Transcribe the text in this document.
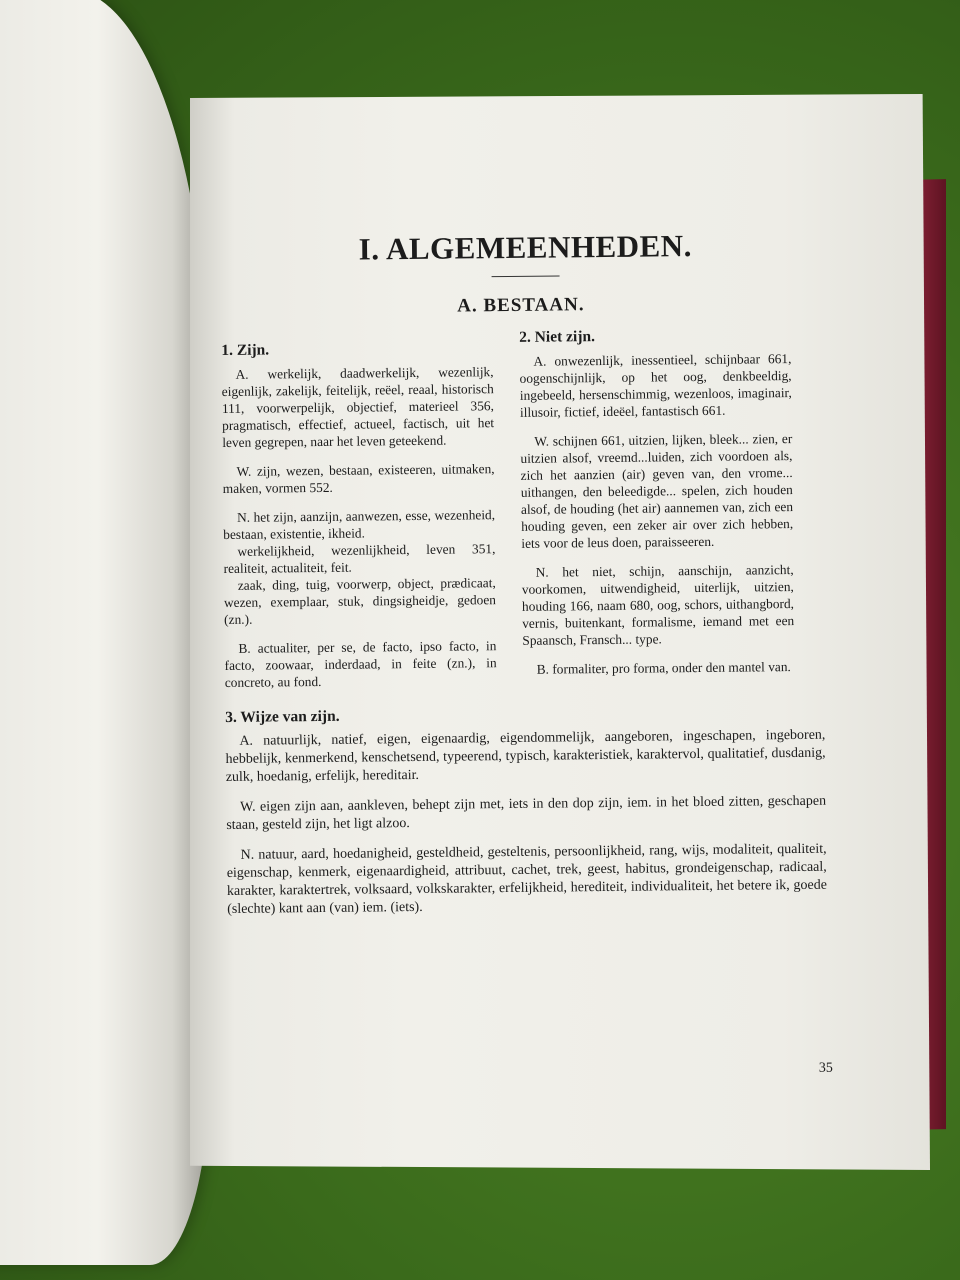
I. ALGEMEENHEDEN.
A. BESTAAN.
1. Zijn.

A. werkelijk, daadwerkelijk, wezenlijk, eigenlijk, zakelijk, feitelijk, reëel, reaal, historisch 111, voorwerpelijk, objectief, materieel 356, pragmatisch, effectief, actueel, factisch, uit het leven gegrepen, naar het leven geteekend.

W. zijn, wezen, bestaan, existeeren, uitmaken, maken, vormen 552.

N. het zijn, aanzijn, aanwezen, esse, wezenheid, bestaan, existentie, ikheid.

werkelijkheid, wezenlijkheid, leven 351, realiteit, actualiteit, feit.

zaak, ding, tuig, voorwerp, object, prædicaat, wezen, exemplaar, stuk, dingsigheidje, gedoen (zn.).

B. actualiter, per se, de facto, ipso facto, in facto, zoowaar, inderdaad, in feite (zn.), in concreto, au fond.

2. Niet zijn.

A. onwezenlijk, inessentieel, schijnbaar 661, oogenschijnlijk, op het oog, denkbeeldig, ingebeeld, hersenschimmig, wezenloos, imaginair, illusoir, fictief, ideëel, fantastisch 661.

W. schijnen 661, uitzien, lijken, bleek... zien, er uitzien alsof, vreemd...luiden, zich voordoen als, zich het aanzien (air) geven van, den vrome... uithangen, den beleedigde... spelen, zich houden alsof, de houding (het air) aannemen van, zich een houding geven, een zeker air over zich hebben, iets voor de leus doen, paraisseeren.

N. het niet, schijn, aanschijn, aanzicht, voorkomen, uitwendigheid, uiterlijk, uitzien, houding 166, naam 680, oog, schors, uithangbord, vernis, buitenkant, formalisme, iemand met een Spaansch, Fransch... type.

B. formaliter, pro forma, onder den mantel van.

3. Wijze van zijn.

A. natuurlijk, natief, eigen, eigenaardig, eigendommelijk, aangeboren, ingeschapen, ingeboren, hebbelijk, kenmerkend, kenschetsend, typeerend, typisch, karakteristiek, karaktervol, qualitatief, dusdanig, zulk, hoedanig, erfelijk, hereditair.

W. eigen zijn aan, aankleven, behept zijn met, iets in den dop zijn, iem. in het bloed zitten, geschapen staan, gesteld zijn, het ligt alzoo.

N. natuur, aard, hoedanigheid, gesteldheid, gesteltenis, persoonlijkheid, rang, wijs, modaliteit, qualiteit, eigenschap, kenmerk, eigenaardigheid, attribuut, cachet, trek, geest, habitus, grondeigenschap, radicaal, karakter, karaktertrek, volksaard, volkskarakter, erfelijkheid, herediteit, individualiteit, het betere ik, goede (slechte) kant aan (van) iem. (iets).

35
